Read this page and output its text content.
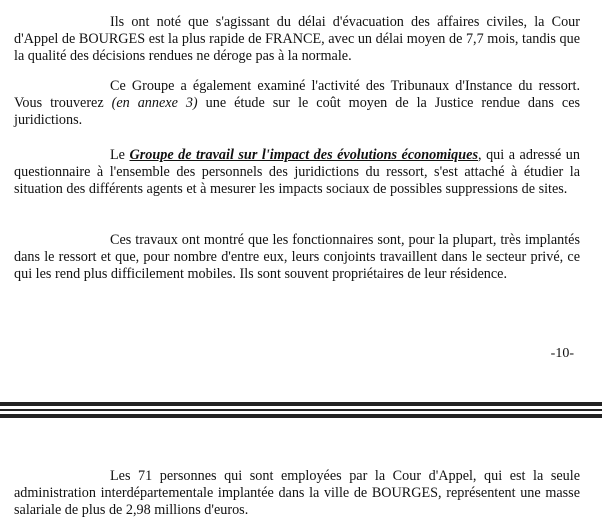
Ils ont noté que s'agissant du délai d'évacuation des affaires civiles, la Cour d'Appel de BOURGES est la plus rapide de FRANCE, avec un délai moyen de 7,7 mois, tandis que la qualité des décisions rendues ne déroge pas à la normale.

Ce Groupe a également examiné l'activité des Tribunaux d'Instance du ressort. Vous trouverez (en annexe 3) une étude sur le coût moyen de la Justice rendue dans ces juridictions.

Le Groupe de travail sur l'impact des évolutions économiques, qui a adressé un questionnaire à l'ensemble des personnels des juridictions du ressort, s'est attaché à étudier la situation des différents agents et à mesurer les impacts sociaux de possibles suppressions de sites.

Ces travaux ont montré que les fonctionnaires sont, pour la plupart, très implantés dans le ressort et que, pour nombre d'entre eux, leurs conjoints travaillent dans le secteur privé, ce qui les rend plus difficilement mobiles. Ils sont souvent propriétaires de leur résidence.

-10-

Les 71 personnes qui sont employées par la Cour d'Appel, qui est la seule administration interdépartementale implantée dans la ville de BOURGES, représentent une masse salariale de plus de 2,98 millions d'euros.
